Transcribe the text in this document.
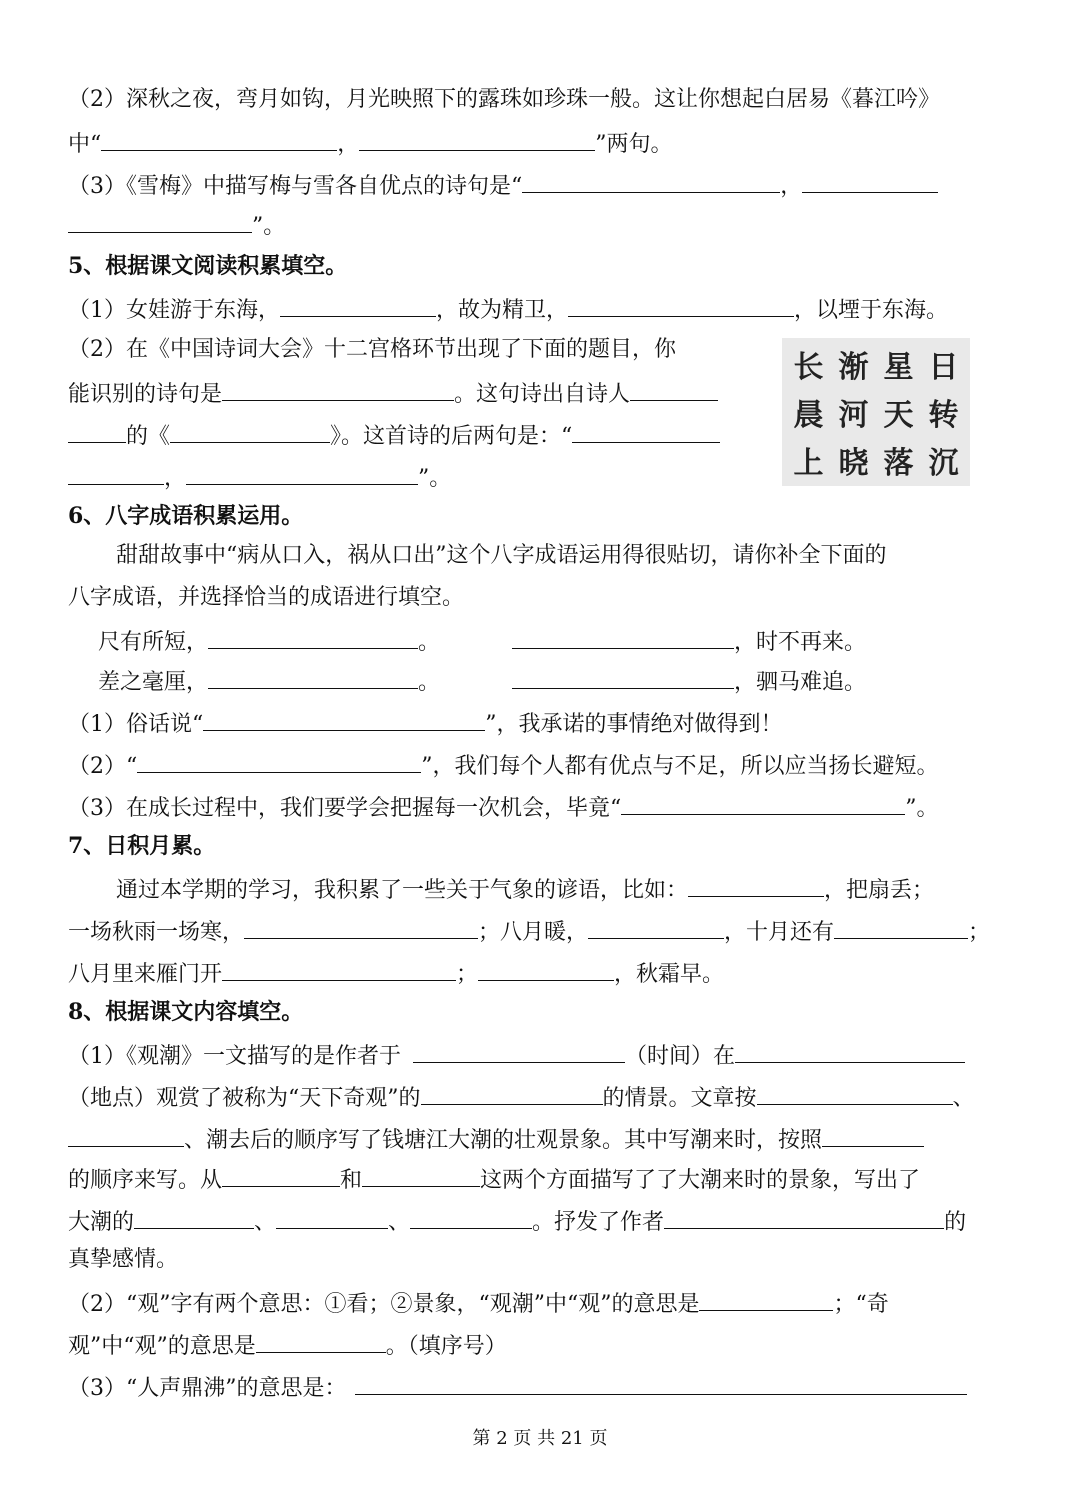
（2）深秋之夜，弯月如钩，月光映照下的露珠如珍珠一般。这让你想起白居易《暮江吟》
中“	，	”两句。
（3）《雪梅》中描写梅与雪各自优点的诗句是“	，
”。
5、根据课文阅读积累填空。
（1）女娃游于东海，	，故为精卫，	，以堙于东海。
（2）在《中国诗词大会》十二宫格环节出现了下面的题目，你
能识别的诗句是	。这句诗出自诗人
的《	》。这首诗的后两句是：“
，	”。
长 渐 星 日
晨 河 天 转
上 晓 落 沉
6、八字成语积累运用。
甜甜故事中“病从口入，祸从口出”这个八字成语运用得很贴切，请你补全下面的
八字成语，并选择恰当的成语进行填空。
尺有所短，	。	，时不再来。
差之毫厘，	。	，驷马难追。
（1）俗话说“	”，我承诺的事情绝对做得到！
（2）“	”，我们每个人都有优点与不足，所以应当扬长避短。
（3）在成长过程中，我们要学会把握每一次机会，毕竟“	”。
7、日积月累。
通过本学期的学习，我积累了一些关于气象的谚语，比如：	，把扇丢；
一场秋雨一场寒，	；八月暖，	，十月还有	；
八月里来雁门开	；	，秋霜早。
8、根据课文内容填空。
（1）《观潮》一文描写的是作者于	（时间）在
（地点）观赏了被称为“天下奇观”的	的情景。文章按	、
、潮去后的顺序写了钱塘江大潮的壮观景象。其中写潮来时，按照
的顺序来写。从	和	这两个方面描写了了大潮来时的景象，写出了
大潮的	、	、	。抒发了作者	的
真挚感情。
（2）“观”字有两个意思：①看；②景象，“观潮”中“观”的意思是	；“奇
观”中“观”的意思是	。（填序号）
（3）“人声鼎沸”的意思是：
第 2 页 共 21 页
